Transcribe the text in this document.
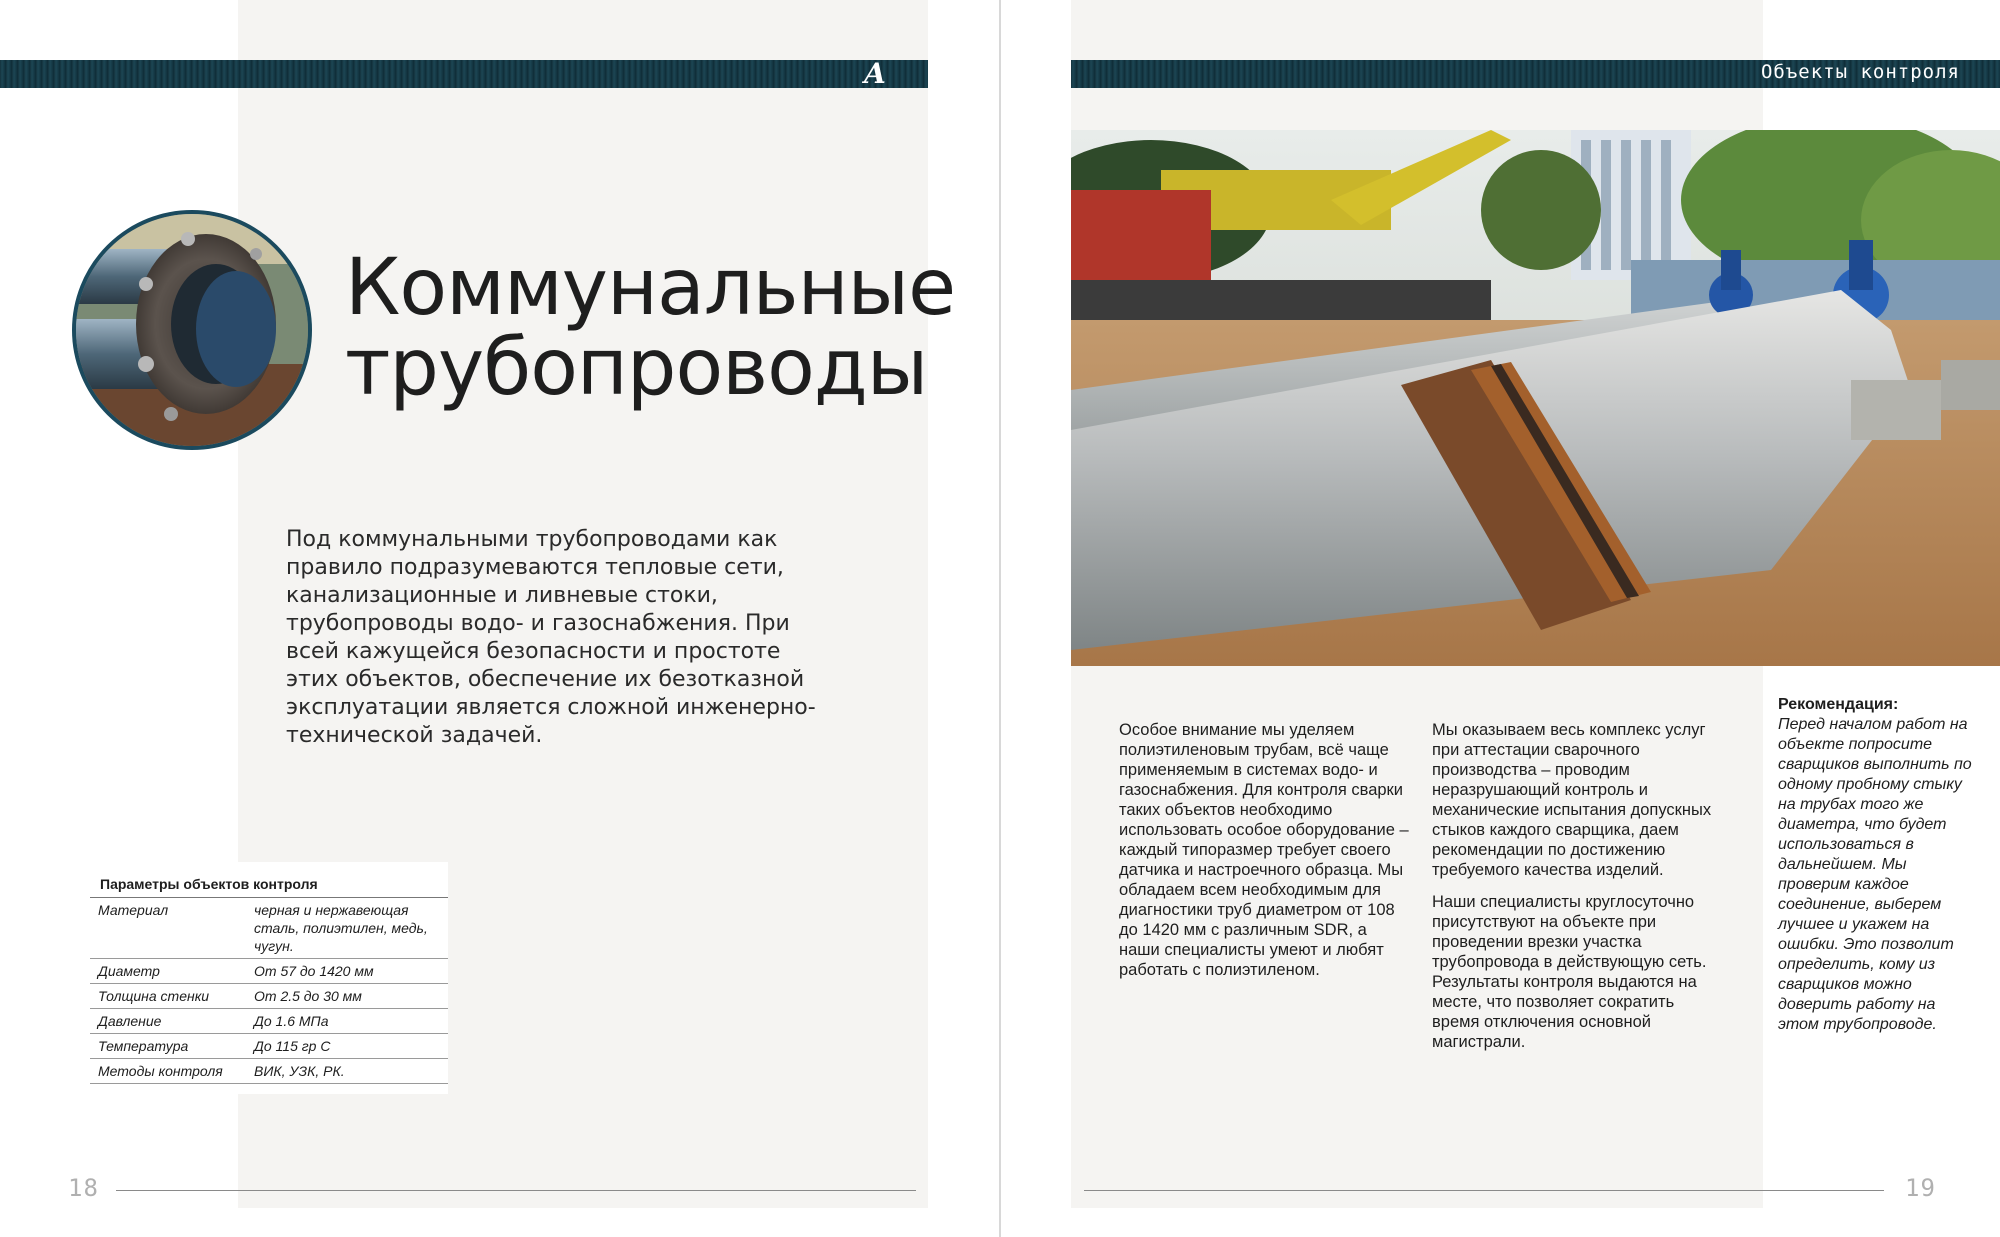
A
Коммунальные
трубопроводы
Под коммунальными трубопроводами как правило подразумеваются тепловые сети, канализационные и ливневые стоки, трубопроводы водо- и газоснабжения. При всей кажущейся безопасности и простоте этих объектов, обеспечение их безотказной эксплуатации является сложной инженерно-технической задачей.
Параметры объектов контроля
Материал	черная и нержавеющая сталь, полиэтилен, медь, чугун.
Диаметр	От 57 до 1420 мм
Толщина стенки	От 2.5 до 30 мм
Давление	До 1.6 МПа
Температура	До 115 гр С
Методы контроля	ВИК, УЗК, РК.
18
Объекты контроля

Особое внимание мы уделяем полиэтиленовым трубам, всё чаще применяемым в системах водо- и газоснабжения. Для контроля сварки таких объектов необходимо использовать особое оборудование – каждый типоразмер требует своего датчика и настроечного образца. Мы обладаем всем необходимым для диагностики труб диаметром от 108 до 1420 мм с различным SDR, а наши специалисты умеют и любят работать с полиэтиленом.

Мы оказываем весь комплекс услуг при аттестации сварочного производства – проводим неразрушающий контроль и механические испытания допускных стыков каждого сварщика, даем рекомендации по достижению требуемого качества изделий.

Наши специалисты круглосуточно присутствуют на объекте при проведении врезки участка трубопровода в действующую сеть. Результаты контроля выдаются на месте, что позволяет сократить время отключения основной магистрали.

Рекомендация:
Перед началом работ на объекте попросите сварщиков выполнить по одному пробному стыку на трубах того же диаметра, что будет использоваться в дальнейшем. Мы проверим каждое соединение, выберем лучшее и укажем на ошибки. Это позволит определить, кому из сварщиков можно доверить работу на этом трубопроводе.
19
